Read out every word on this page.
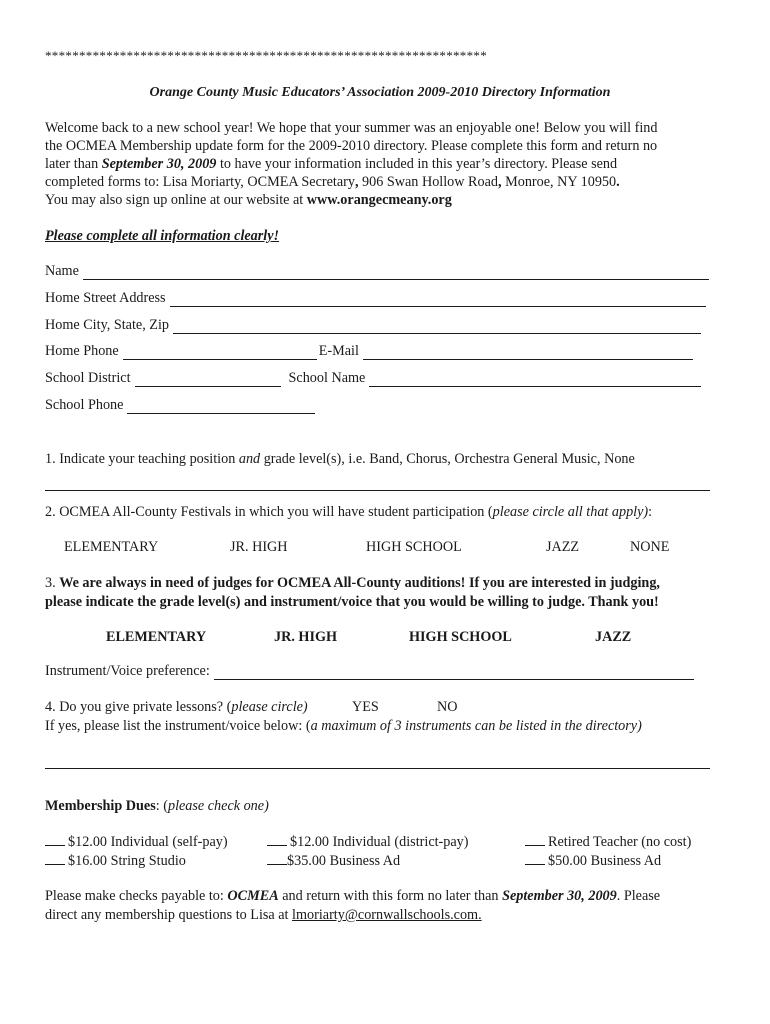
*****************************************************************
Orange County Music Educators’ Association 2009-2010 Directory Information

Welcome back to a new school year! We hope that your summer was an enjoyable one! Below you will find

the OCMEA Membership update form for the 2009-2010 directory. Please complete this form and return no

later than September 30, 2009 to have your information included in this year’s directory. Please send

completed forms to: Lisa Moriarty, OCMEA Secretary, 906 Swan Hollow Road, Monroe, NY 10950.

You may also sign up online at our website at www.orangecmeany.org

Please complete all information clearly!
Name
Home Street Address
Home City, State, Zip
Home Phone	E-Mail
School District	School Name
School Phone
1. Indicate your teaching position and grade level(s), i.e. Band, Chorus, Orchestra General Music, None
2. OCMEA All-County Festivals in which you will have student participation (please circle all that apply):
ELEMENTARY	JR. HIGH	HIGH SCHOOL	JAZZ	NONE
3. We are always in need of judges for OCMEA All-County auditions! If you are interested in judging,
please indicate the grade level(s) and instrument/voice that you would be willing to judge. Thank you!
ELEMENTARY	JR. HIGH	HIGH SCHOOL	JAZZ
Instrument/Voice preference:
4. Do you give private lessons? (please circle)	YES	NO
If yes, please list the instrument/voice below: (a maximum of 3 instruments can be listed in the directory)
Membership Dues: (please check one)
$12.00 Individual (self-pay)	$12.00 Individual (district-pay)	Retired Teacher (no cost)
$16.00 String Studio	$35.00 Business Ad	$50.00 Business Ad
Please make checks payable to: OCMEA and return with this form no later than September 30, 2009. Please
direct any membership questions to Lisa at lmoriarty@cornwallschools.com.
